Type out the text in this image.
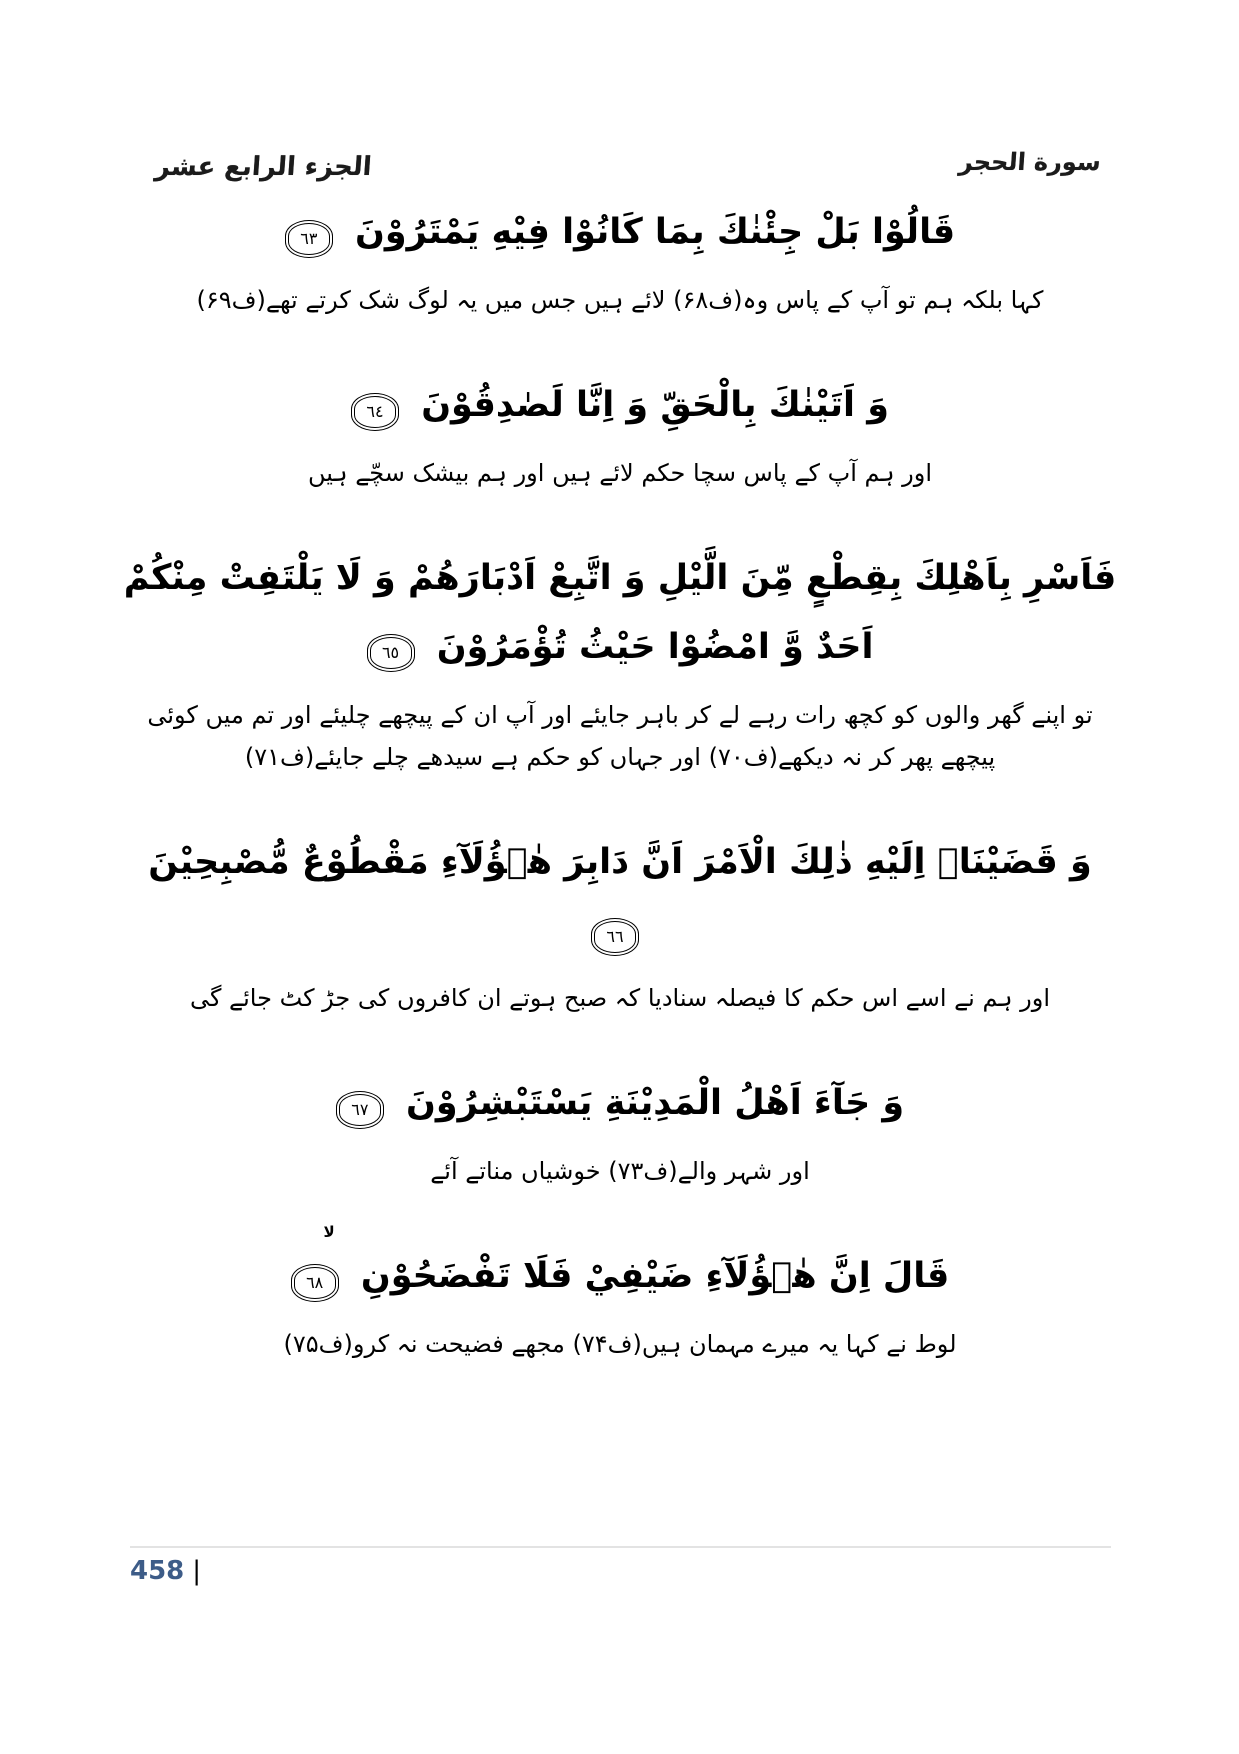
الجزء الرابع عشر	سورة الحجر

قَالُوْا بَلْ جِئْنٰكَ بِمَا كَانُوْا فِيْهِ يَمْتَرُوْنَ
٦٣

کہا بلکہ ہم تو آپ کے پاس وہ(ف۶۸) لائے ہیں جس میں یہ لوگ شک کرتے تھے(ف۶۹)

وَ اَتَيْنٰكَ بِالْحَقِّ وَ اِنَّا لَصٰدِقُوْنَ
٦٤

اور ہم آپ کے پاس سچا حکم لائے ہیں اور ہم بیشک سچّے ہیں

فَاَسْرِ بِاَهْلِكَ بِقِطْعٍ مِّنَ الَّيْلِ وَ اتَّبِعْ اَدْبَارَهُمْ وَ لَا يَلْتَفِتْ مِنْكُمْ اَحَدٌ وَّ امْضُوْا حَيْثُ تُؤْمَرُوْنَ
٦٥

تو اپنے گھر والوں کو کچھ رات رہے لے کر باہر جایئے اور آپ ان کے پیچھے چلیئے اور تم میں کوئی پیچھے پھر کر نہ دیکھے(ف۷۰) اور جہاں کو حکم ہے سیدھے چلے جایئے(ف۷۱)

وَ قَضَيْنَاۤ اِلَيْهِ ذٰلِكَ الْاَمْرَ اَنَّ دَابِرَ هٰۤؤُلَآءِ مَقْطُوْعٌ مُّصْبِحِيْنَ
٦٦

اور ہم نے اسے اس حکم کا فیصلہ سنادیا کہ صبح ہوتے ان کافروں کی جڑ کٹ جائے گی

وَ جَآءَ اَهْلُ الْمَدِيْنَةِ يَسْتَبْشِرُوْنَ
٦٧

اور شہر والے(ف۷۳) خوشیاں مناتے آئے

قَالَ اِنَّ هٰۤؤُلَآءِ ضَيْفِيْ فَلَا تَفْضَحُوْنِ
لا
٦٨

لوط نے کہا یہ میرے مہمان ہیں(ف۷۴) مجھے فضیحت نہ کرو(ف۷۵)

458 |
